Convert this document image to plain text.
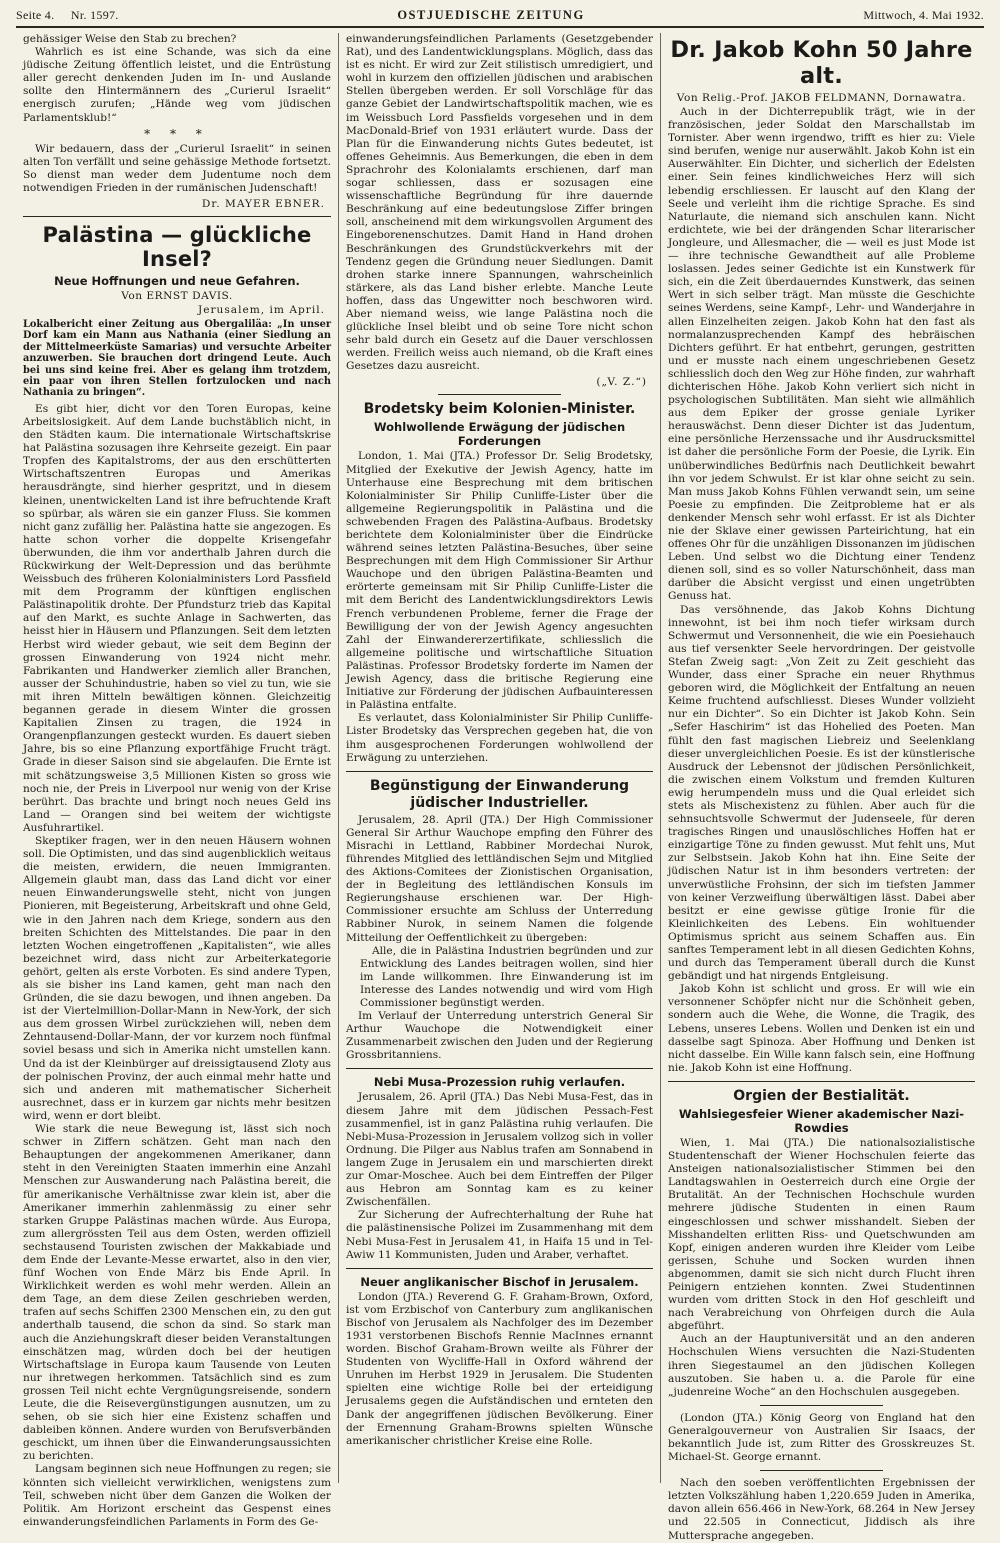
Seite 4. Nr. 1597.	OSTJUEDISCHE ZEITUNG	Mittwoch, 4. Mai 1932.

gehässiger Weise den Stab zu brechen?

Wahrlich es ist eine Schande, was sich da eine jüdische Zeitung öffentlich leistet, und die Entrüstung aller gerecht denkenden Juden im In- und Auslande sollte den Hintermännern des „Curierul Israelit“ energisch zurufen; „Hände weg vom jüdischen Parlamentsklub!“

* * *

Wir bedauern, dass der „Curierul Israelit“ in seinen alten Ton verfällt und seine gehässige Methode fortsetzt. So dienst man weder dem Judentume noch dem notwendigen Frieden in der rumänischen Judenschaft!

Dr. MAYER EBNER.
Palästina — glückliche Insel?
Neue Hoffnungen und neue Gefahren.
Von ERNST DAVIS.
Jerusalem, im April.

Lokalbericht einer Zeitung aus Obergaliläa: „In unser Dorf kam ein Mann aus Nathania (einer Siedlung an der Mittelmeerküste Samarias) und versuchte Arbeiter anzuwerben. Sie brauchen dort dringend Leute. Auch bei uns sind keine frei. Aber es gelang ihm trotzdem, ein paar von ihren Stellen fortzulocken und nach Nathania zu bringen“.

Es gibt hier, dicht vor den Toren Europas, keine Arbeitslosigkeit. Auf dem Lande buchstäblich nicht, in den Städten kaum. Die internationale Wirtschaftskrise hat Palästina sozusagen ihre Kehrseite gezeigt. Ein paar Tropfen des Kapitalstroms, der aus den erschütterten Wirtschaftszentren Europas und Amerikas herausdrängte, sind hierher gespritzt, und in diesem kleinen, unentwickelten Land ist ihre befruchtende Kraft so spürbar, als wären sie ein ganzer Fluss. Sie kommen nicht ganz zufällig her. Palästina hatte sie angezogen. Es hatte schon vorher die doppelte Krisengefahr überwunden, die ihm vor anderthalb Jahren durch die Rückwirkung der Welt-Depression und das berühmte Weissbuch des früheren Kolonialministers Lord Passfield mit dem Programm der künftigen englischen Palästinapolitik drohte. Der Pfundsturz trieb das Kapital auf den Markt, es suchte Anlage in Sachwerten, das heisst hier in Häusern und Pflanzungen. Seit dem letzten Herbst wird wieder gebaut, wie seit dem Beginn der grossen Einwanderung von 1924 nicht mehr. Fabrikanten und Handwerker ziemlich aller Branchen, ausser der Schuhindustrie, haben so viel zu tun, wie sie mit ihren Mitteln bewältigen können. Gleichzeitig begannen gerade in diesem Winter die grossen Kapitalien Zinsen zu tragen, die 1924 in Orangenpflanzungen gesteckt wurden. Es dauert sieben Jahre, bis so eine Pflanzung exportfähige Frucht trägt. Grade in dieser Saison sind sie abgelaufen. Die Ernte ist mit schätzungsweise 3,5 Millionen Kisten so gross wie noch nie, der Preis in Liverpool nur wenig von der Krise berührt. Das brachte und bringt noch neues Geld ins Land — Orangen sind bei weitem der wichtigste Ausfuhrartikel.

Skeptiker fragen, wer in den neuen Häusern wohnen soll. Die Optimisten, und das sind augenblicklich weitaus die meisten, erwidern, die neuen Immigranten. Allgemein glaubt man, dass das Land dicht vor einer neuen Einwanderungswelle steht, nicht von jungen Pionieren, mit Begeisterung, Arbeitskraft und ohne Geld, wie in den Jahren nach dem Kriege, sondern aus den breiten Schichten des Mittelstandes. Die paar in den letzten Wochen eingetroffenen „Kapitalisten“, wie alles bezeichnet wird, dass nicht zur Arbeiterkategorie gehört, gelten als erste Vorboten. Es sind andere Typen, als sie bisher ins Land kamen, geht man nach den Gründen, die sie dazu bewogen, und ihnen angeben. Da ist der Viertelmillion-Dollar-Mann in New-York, der sich aus dem grossen Wirbel zurückziehen will, neben dem Zehntausend-Dollar-Mann, der vor kurzem noch fünfmal soviel besass und sich in Amerika nicht umstellen kann. Und da ist der Kleinbürger auf dreissigtausend Zloty aus der polnischen Provinz, der auch einmal mehr hatte und sich und anderen mit mathematischer Sicherheit ausrechnet, dass er in kurzem gar nichts mehr besitzen wird, wenn er dort bleibt.

Wie stark die neue Bewegung ist, lässt sich noch schwer in Ziffern schätzen. Geht man nach den Behauptungen der angekommenen Amerikaner, dann steht in den Vereinigten Staaten immerhin eine Anzahl Menschen zur Auswanderung nach Palästina bereit, die für amerikanische Verhältnisse zwar klein ist, aber die Amerikaner immerhin zahlenmässig zu einer sehr starken Gruppe Palästinas machen würde. Aus Europa, zum allergrössten Teil aus dem Osten, werden offiziell sechstausend Touristen zwischen der Makkabiade und dem Ende der Levante-Messe erwartet, also in den vier, fünf Wochen von Ende März bis Ende April. In Wirklichkeit werden es wohl mehr werden. Allein an dem Tage, an dem diese Zeilen geschrieben werden, trafen auf sechs Schiffen 2300 Menschen ein, zu den gut anderthalb tausend, die schon da sind. So stark man auch die Anziehungskraft dieser beiden Veranstaltungen einschätzen mag, würden doch bei der heutigen Wirtschaftslage in Europa kaum Tausende von Leuten nur ihretwegen herkommen. Tatsächlich sind es zum grossen Teil nicht echte Vergnügungsreisende, sondern Leute, die die Reisevergünstigungen ausnutzen, um zu sehen, ob sie sich hier eine Existenz schaffen und dableiben können. Andere wurden von Berufsverbänden geschickt, um ihnen über die Einwanderungsaussichten zu berichten.

Langsam beginnen sich neue Hoffnungen zu regen; sie könnten sich vielleicht verwirklichen, wenigstens zum Teil, schweben nicht über dem Ganzen die Wolken der Politik. Am Horizont erscheint das Gespenst eines einwanderungsfeindlichen Parlaments in Form des Ge-

einwanderungsfeindlichen Parlaments (Gesetzgebender Rat), und des Landentwicklungsplans. Möglich, dass das ist es nicht. Er wird zur Zeit stilistisch umredigiert, und wohl in kurzem den offiziellen jüdischen und arabischen Stellen übergeben werden. Er soll Vorschläge für das ganze Gebiet der Landwirtschaftspolitik machen, wie es im Weissbuch Lord Passfields vorgesehen und in dem MacDonald-Brief von 1931 erläutert wurde. Dass der Plan für die Einwanderung nichts Gutes bedeutet, ist offenes Geheimnis. Aus Bemerkungen, die eben in dem Sprachrohr des Kolonialamts erschienen, darf man sogar schliessen, dass er sozusagen eine wissenschaftliche Begründung für ihre dauernde Beschränkung auf eine bedeutungslose Ziffer bringen soll, anscheinend mit dem wirkungsvollen Argument des Eingeborenenschutzes. Damit Hand in Hand drohen Beschränkungen des Grundstückverkehrs mit der Tendenz gegen die Gründung neuer Siedlungen. Damit drohen starke innere Spannungen, wahrscheinlich stärkere, als das Land bisher erlebte. Manche Leute hoffen, dass das Ungewitter noch beschworen wird. Aber niemand weiss, wie lange Palästina noch die glückliche Insel bleibt und ob seine Tore nicht schon sehr bald durch ein Gesetz auf die Dauer verschlossen werden. Freilich weiss auch niemand, ob die Kraft eines Gesetzes dazu ausreicht.

(„V. Z.“)
Brodetsky beim Kolonien-Minister.
Wohlwollende Erwägung der jüdischen Forderungen

London, 1. Mai (JTA.) Professor Dr. Selig Brodetsky, Mitglied der Exekutive der Jewish Agency, hatte im Unterhause eine Besprechung mit dem britischen Kolonialminister Sir Philip Cunliffe-Lister über die allgemeine Regierungspolitik in Palästina und die schwebenden Fragen des Palästina-Aufbaus. Brodetsky berichtete dem Kolonialminister über die Eindrücke während seines letzten Palästina-Besuches, über seine Besprechungen mit dem High Commissioner Sir Arthur Wauchope und den übrigen Palästina-Beamten und erörterte gemeinsam mit Sir Philip Cunliffe-Lister die mit dem Bericht des Landentwicklungsdirektors Lewis French verbundenen Probleme, ferner die Frage der Bewilligung der von der Jewish Agency angesuchten Zahl der Einwandererzertifikate, schliesslich die allgemeine politische und wirtschaftliche Situation Palästinas. Professor Brodetsky forderte im Namen der Jewish Agency, dass die britische Regierung eine Initiative zur Förderung der jüdischen Aufbauinteressen in Palästina entfalte.

Es verlautet, dass Kolonialminister Sir Philip Cunliffe-Lister Brodetsky das Versprechen gegeben hat, die von ihm ausgesprochenen Forderungen wohlwollend der Erwägung zu unterziehen.

Begünstigung der Einwanderung jüdischer Industrieller.

Jerusalem, 28. April (JTA.) Der High Commissioner General Sir Arthur Wauchope empfing den Führer des Misrachi in Lettland, Rabbiner Mordechai Nurok, führendes Mitglied des lettländischen Sejm und Mitglied des Aktions-Comitees der Zionistischen Organisation, der in Begleitung des lettländischen Konsuls im Regierungshause erschienen war. Der High-Commissioner ersuchte am Schluss der Unterredung Rabbiner Nurok, in seinem Namen die folgende Mitteilung der Oeffentlichkeit zu übergeben:

Alle, die in Palästina Industrien begründen und zur Entwicklung des Landes beitragen wollen, sind hier im Lande willkommen. Ihre Einwanderung ist im Interesse des Landes notwendig und wird vom High Commissioner begünstigt werden.

Im Verlauf der Unterredung unterstrich General Sir Arthur Wauchope die Notwendigkeit einer Zusammenarbeit zwischen den Juden und der Regierung Grossbritanniens.

Nebi Musa-Prozession ruhig verlaufen.

Jerusalem, 26. April (JTA.) Das Nebi Musa-Fest, das in diesem Jahre mit dem jüdischen Pessach-Fest zusammenfiel, ist in ganz Palästina ruhig verlaufen. Die Nebi-Musa-Prozession in Jerusalem vollzog sich in voller Ordnung. Die Pilger aus Nablus trafen am Sonnabend in langem Zuge in Jerusalem ein und marschierten direkt zur Omar-Moschee. Auch bei dem Eintreffen der Pilger aus Hebron am Sonntag kam es zu keiner Zwischenfällen.

Zur Sicherung der Aufrechterhaltung der Ruhe hat die palästinensische Polizei im Zusammenhang mit dem Nebi Musa-Fest in Jerusalem 41, in Haifa 15 und in Tel-Awiw 11 Kommunisten, Juden und Araber, verhaftet.

Neuer anglikanischer Bischof in Jerusalem.

London (JTA.) Reverend G. F. Graham-Brown, Oxford, ist vom Erzbischof von Canterbury zum anglikanischen Bischof von Jerusalem als Nachfolger des im Dezember 1931 verstorbenen Bischofs Rennie MacInnes ernannt worden. Bischof Graham-Brown weilte als Führer der Studenten von Wycliffe-Hall in Oxford während der Unruhen im Herbst 1929 in Jerusalem. Die Studenten spielten eine wichtige Rolle bei der erteidigung Jerusalems gegen die Aufständischen und ernteten den Dank der angegriffenen jüdischen Bevölkerung. Einer der Ernennung Graham-Browns spielten Wünsche amerikanischer christlicher Kreise eine Rolle.

Dr. Jakob Kohn 50 Jahre alt.
Von Relig.-Prof. JAKOB FELDMANN, Dornawatra.

Auch in der Dichterrepublik trägt, wie in der französischen, jeder Soldat den Marschallstab im Tornister. Aber wenn irgendwo, trifft es hier zu: Viele sind berufen, wenige nur auserwählt. Jakob Kohn ist ein Auserwählter. Ein Dichter, und sicherlich der Edelsten einer. Sein feines kindlichweiches Herz will sich lebendig erschliessen. Er lauscht auf den Klang der Seele und verleiht ihm die richtige Sprache. Es sind Naturlaute, die niemand sich anschulen kann. Nicht erdichtete, wie bei der drängenden Schar literarischer Jongleure, und Allesmacher, die — weil es just Mode ist — ihre technische Gewandtheit auf alle Probleme loslassen. Jedes seiner Gedichte ist ein Kunstwerk für sich, ein die Zeit überdauerndes Kunstwerk, das seinen Wert in sich selber trägt. Man müsste die Geschichte seines Werdens, seine Kampf-, Lehr- und Wanderjahre in allen Einzelheiten zeigen. Jakob Kohn hat den fast als normalanzusprechenden Kampf des hebräischen Dichters geführt. Er hat entbehrt, gerungen, gestritten und er musste nach einem ungeschriebenen Gesetz schliesslich doch den Weg zur Höhe finden, zur wahrhaft dichterischen Höhe. Jakob Kohn verliert sich nicht in psychologischen Subtilitäten. Man sieht wie allmählich aus dem Epiker der grosse geniale Lyriker herauswächst. Denn dieser Dichter ist das Judentum, eine persönliche Herzenssache und ihr Ausdrucksmittel ist daher die persönliche Form der Poesie, die Lyrik. Ein unüberwindliches Bedürfnis nach Deutlichkeit bewahrt ihn vor jedem Schwulst. Er ist klar ohne seicht zu sein. Man muss Jakob Kohns Fühlen verwandt sein, um seine Poesie zu empfinden. Die Zeitprobleme hat er als denkender Mensch sehr wohl erfasst. Er ist als Dichter nie der Sklave einer gewissen Parteirichtung, hat ein offenes Ohr für die unzähligen Dissonanzen im jüdischen Leben. Und selbst wo die Dichtung einer Tendenz dienen soll, sind es so voller Naturschönheit, dass man darüber die Absicht vergisst und einen ungetrübten Genuss hat.

Das versöhnende, das Jakob Kohns Dichtung innewohnt, ist bei ihm noch tiefer wirksam durch Schwermut und Versonnenheit, die wie ein Poesiehauch aus tief versenkter Seele hervordringen. Der geistvolle Stefan Zweig sagt: „Von Zeit zu Zeit geschieht das Wunder, dass einer Sprache ein neuer Rhythmus geboren wird, die Möglichkeit der Entfaltung an neuen Keime fruchtend aufschliesst. Dieses Wunder vollzieht nur ein Dichter“. So ein Dichter ist Jakob Kohn. Sein „Sefer Haschirim“ ist das Hohelied des Poeten. Man fühlt den fast magischen Liebreiz und Seelenklang dieser unvergleichlichen Poesie. Es ist der künstlerische Ausdruck der Lebensnot der jüdischen Persönlichkeit, die zwischen einem Volkstum und fremden Kulturen ewig herumpendeln muss und die Qual erleidet sich stets als Mischexistenz zu fühlen. Aber auch für die sehnsuchtsvolle Schwermut der Judenseele, für deren tragisches Ringen und unauslöschliches Hoffen hat er einzigartige Töne zu finden gewusst. Mut fehlt uns, Mut zur Selbstsein. Jakob Kohn hat ihn. Eine Seite der jüdischen Natur ist in ihm besonders vertreten: der unverwüstliche Frohsinn, der sich im tiefsten Jammer von keiner Verzweiflung überwältigen lässt. Dabei aber besitzt er eine gewisse gütige Ironie für die Kleinlichkeiten des Lebens. Ein wohltuender Optimismus spricht aus seinem Schaffen aus. Ein sanftes Temperament lebt in all diesen Gedichten Kohns, und durch das Temperament überall durch die Kunst gebändigt und hat nirgends Entgleisung.

Jakob Kohn ist schlicht und gross. Er will wie ein versonnener Schöpfer nicht nur die Schönheit geben, sondern auch die Wehe, die Wonne, die Tragik, des Lebens, unseres Lebens. Wollen und Denken ist ein und dasselbe sagt Spinoza. Aber Hoffnung und Denken ist nicht dasselbe. Ein Wille kann falsch sein, eine Hoffnung nie. Jakob Kohn ist eine Hoffnung.

Orgien der Bestialität.
Wahlsiegesfeier Wiener akademischer Nazi-Rowdies

Wien, 1. Mai (JTA.) Die nationalsozialistische Studentenschaft der Wiener Hochschulen feierte das Ansteigen nationalsozialistischer Stimmen bei den Landtagswahlen in Oesterreich durch eine Orgie der Brutalität. An der Technischen Hochschule wurden mehrere jüdische Studenten in einen Raum eingeschlossen und schwer misshandelt. Sieben der Misshandelten erlitten Riss- und Quetschwunden am Kopf, einigen anderen wurden ihre Kleider vom Leibe gerissen, Schuhe und Socken wurden ihnen abgenommen, damit sie sich nicht durch Flucht ihren Peinigern entziehen konnten. Zwei Studentinnen wurden vom dritten Stock in den Hof geschleift und nach Verabreichung von Ohrfeigen durch die Aula abgeführt.

Auch an der Hauptuniversität und an den anderen Hochschulen Wiens versuchten die Nazi-Studenten ihren Siegestaumel an den jüdischen Kollegen auszutoben. Sie haben u. a. die Parole für eine „judenreine Woche“ an den Hochschulen ausgegeben.

(London (JTA.) König Georg von England hat den Generalgouverneur von Australien Sir Isaacs, der bekanntlich Jude ist, zum Ritter des Grosskreuzes St. Michael-St. George ernannt.

Nach den soeben veröffentlichten Ergebnissen der letzten Volkszählung haben 1,220.659 Juden in Amerika, davon allein 656.466 in New-York, 68.264 in New Jersey und 22.505 in Connecticut, Jiddisch als ihre Muttersprache angegeben.
